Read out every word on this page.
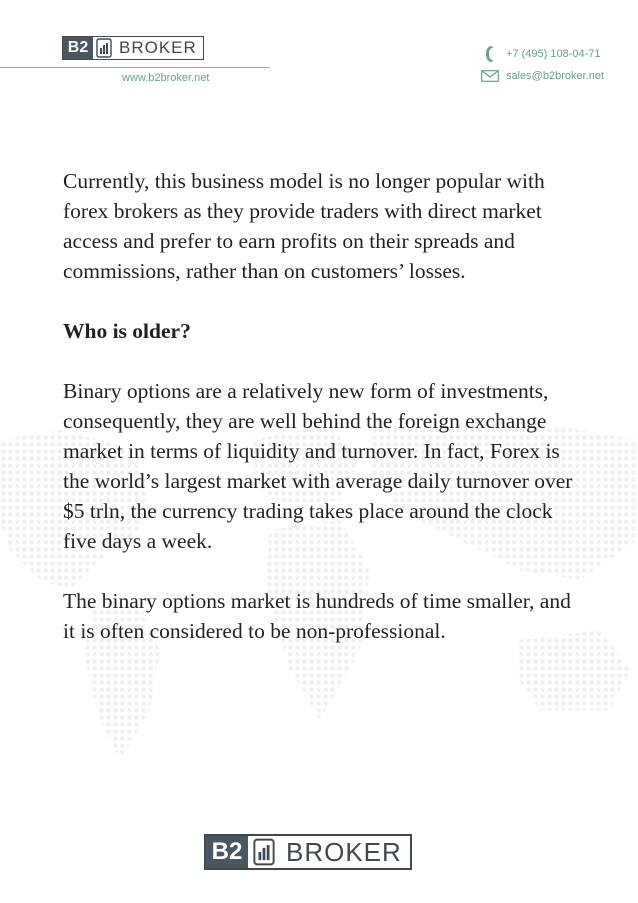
B2 BROKER
www.b2broker.net
+7 (495) 108-04-71
sales@b2broker.net

Currently, this business model is no longer popular with forex brokers as they provide traders with direct market access and prefer to earn profits on their spreads and commissions, rather than on customers’ losses.

Who is older?

Binary options are a relatively new form of investments, consequently, they are well behind the foreign exchange market in terms of liquidity and turnover. In fact, Forex is the world’s largest market with average daily turnover over $5 trln, the currency trading takes place around the clock five days a week.

The binary options market is hundreds of time smaller, and it is often considered to be non-professional.

B2 BROKER
